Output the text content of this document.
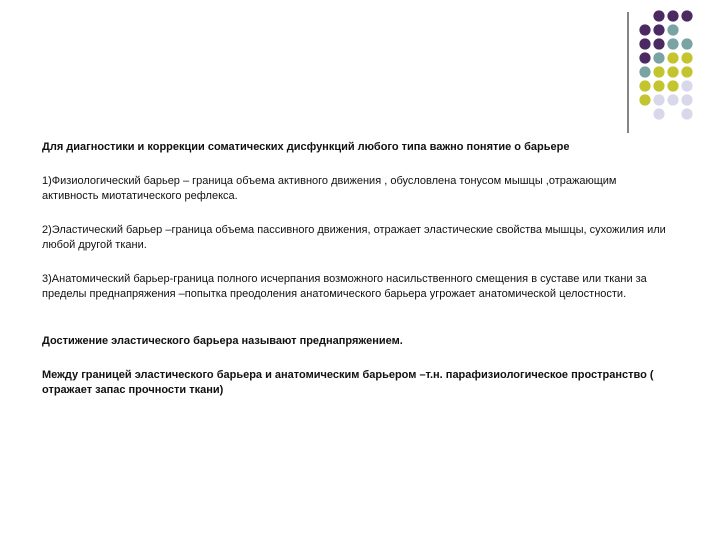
Для диагностики и коррекции соматических дисфункций любого типа важно понятие о барьере

1)Физиологический барьер – граница объема активного движения , обусловлена тонусом мышцы ,отражающим активность миотатического рефлекса.

2)Эластический барьер –граница объема пассивного движения, отражает эластические свойства мышцы, сухожилия или любой другой ткани.

3)Анатомический барьер-граница полного исчерпания возможного насильственного смещения в суставе или ткани за пределы преднапряжения –попытка преодоления анатомического барьера угрожает анатомической целостности.

Достижение эластического барьера называют преднапряжением.

Между границей эластического барьера и анатомическим барьером –т.н. парафизиологическое пространство ( отражает запас прочности ткани)
